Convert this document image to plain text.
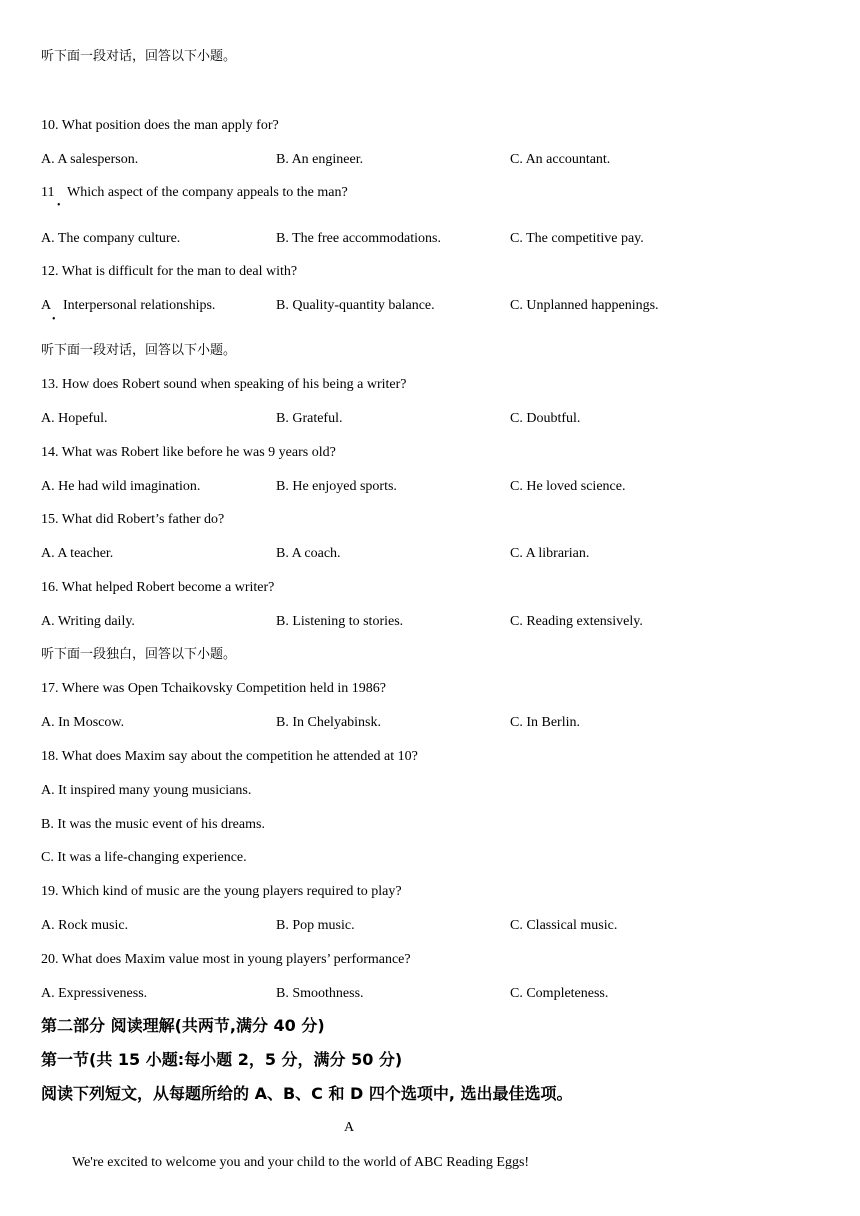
听下面一段对话，回答以下小题。
10. What position does the man apply for?
A. A salesperson.	B. An engineer.	C. An accountant.
11
•
Which aspect of the company appeals to the man?
A. The company culture.	B. The free accommodations.	C. The competitive pay.
12. What is difficult for the man to deal with?
A
•
Interpersonal relationships.	B. Quality-quantity balance.	C. Unplanned happenings.
听下面一段对话，回答以下小题。
13. How does Robert sound when speaking of his being a writer?
A. Hopeful.	B. Grateful.	C. Doubtful.
14. What was Robert like before he was 9 years old?
A. He had wild imagination.	B. He enjoyed sports.	C. He loved science.
15. What did Robert’s father do?
A. A teacher.	B. A coach.	C. A librarian.
16. What helped Robert become a writer?
A. Writing daily.	B. Listening to stories.	C. Reading extensively.
听下面一段独白，回答以下小题。
17. Where was Open Tchaikovsky Competition held in 1986?
A. In Moscow.	B. In Chelyabinsk.	C. In Berlin.
18. What does Maxim say about the competition he attended at 10?
A. It inspired many young musicians.
B. It was the music event of his dreams.
C. It was a life-changing experience.
19. Which kind of music are the young players required to play?
A. Rock music.	B. Pop music.	C. Classical music.
20. What does Maxim value most in young players’ performance?
A. Expressiveness.	B. Smoothness.	C. Completeness.
第二部分 阅读理解(共两节,满分 40 分)
第一节(共 15 小题:每小题 2，5 分，满分 50 分)
阅读下列短文，从每题所给的 A、B、C 和 D 四个选项中, 选出最佳选项。
A
We're excited to welcome you and your child to the world of ABC Reading Eggs!
